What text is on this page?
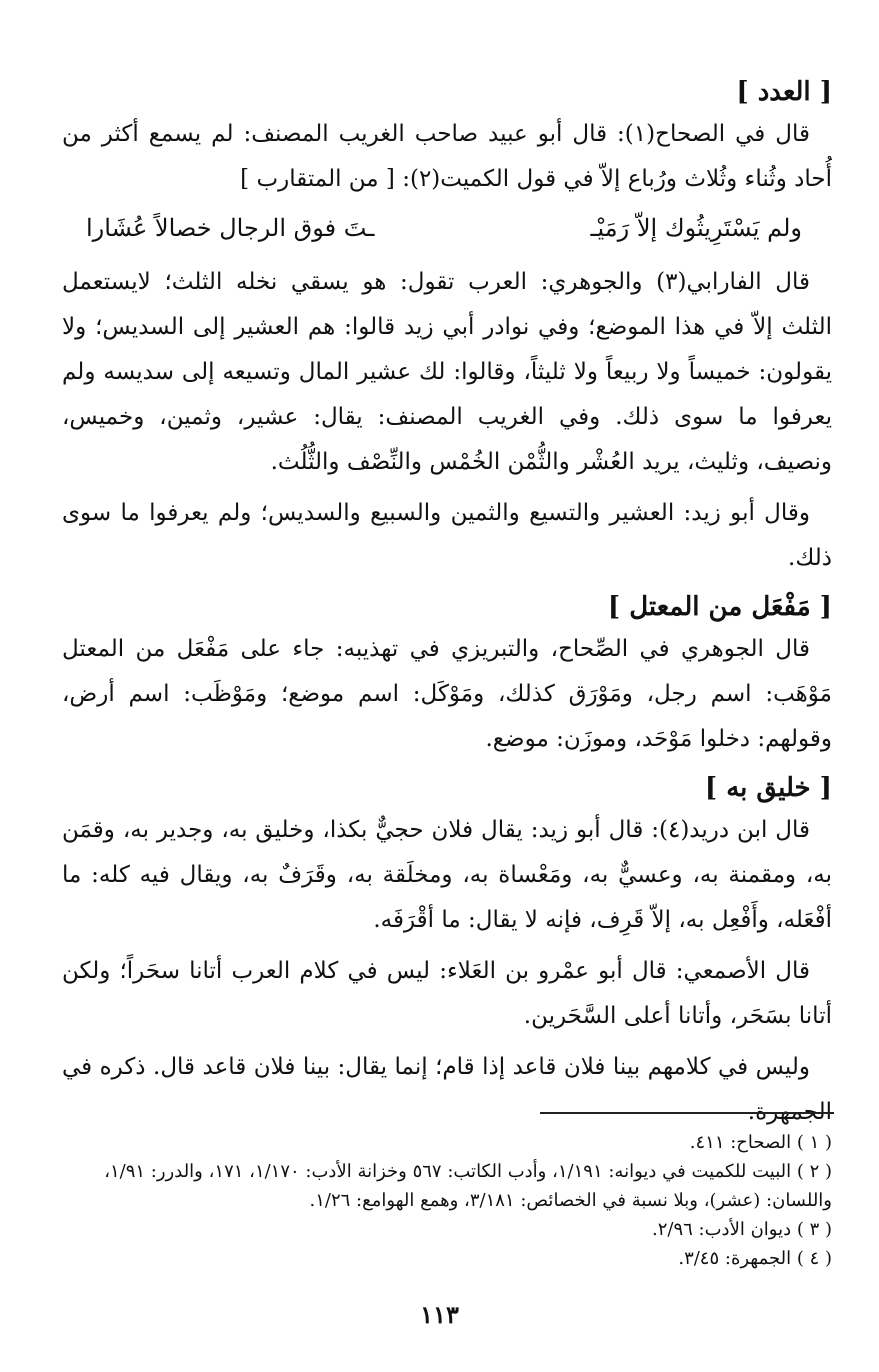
[ العدد ]

قال في الصحاح(١): قال أبو عبيد صاحب الغريب المصنف: لم يسمع أكثر من أُحاد وثُناء وثُلاث ورُباع إلاّ في قول الكميت(٢): [ من المتقارب ]

ولم يَسْتَرِيثُوك إلاّ رَمَيْـ
ـتَ فوق الرجال خصالاً عُشَارا

قال الفارابي(٣) والجوهري: العرب تقول: هو يسقي نخله الثلث؛ لايستعمل الثلث إلاّ في هذا الموضع؛ وفي نوادر أبي زيد قالوا: هم العشير إلى السديس؛ ولا يقولون: خميساً ولا ربيعاً ولا ثليثاً، وقالوا: لك عشير المال وتسيعه إلى سديسه ولم يعرفوا ما سوى ذلك. وفي الغريب المصنف: يقال: عشير، وثمين، وخميس، ونصيف، وثليث، يريد العُشْر والثُّمْن الخُمْس والنِّصْف والثُّلُث.

وقال أبو زيد: العشير والتسيع والثمين والسبيع والسديس؛ ولم يعرفوا ما سوى ذلك.

[ مَفْعَل من المعتل ]

قال الجوهري في الصِّحاح، والتبريزي في تهذيبه: جاء على مَفْعَل من المعتل مَوْهَب: اسم رجل، ومَوْرَق كذلك، ومَوْكَل: اسم موضع؛ ومَوْظَب: اسم أرض، وقولهم: دخلوا مَوْحَد، وموزَن: موضع.

[ خليق به ]

قال ابن دريد(٤): قال أبو زيد: يقال فلان حجيٌّ بكذا، وخليق به، وجدير به، وقمَن به، ومقمنة به، وعسيٌّ به، ومَعْساة به، ومخلَقة به، وقَرَفٌ به، ويقال فيه كله: ما أفْعَله، وأَفْعِل به، إلاّ قَرِف، فإنه لا يقال: ما أقْرَفَه.

قال الأصمعي: قال أبو عمْرو بن العَلاء: ليس في كلام العرب أتانا سحَراً؛ ولكن أتانا بسَحَر، وأتانا أعلى السَّحَرين.

وليس في كلامهم بينا فلان قاعد إذا قام؛ إنما يقال: بينا فلان قاعد قال. ذكره في الجمهرة.

( ١ ) الصحاح: ٤١١.
( ٢ ) البيت للكميت في ديوانه: ١/١٩١، وأدب الكاتب: ٥٦٧ وخزانة الأدب: ١/١٧٠، ١٧١، والدرر: ١/٩١، واللسان: (عشر)، وبلا نسبة في الخصائص: ٣/١٨١، وهمع الهوامع: ١/٢٦.
( ٣ ) ديوان الأدب: ٢/٩٦.
( ٤ ) الجمهرة: ٣/٤٥.
١١٣
